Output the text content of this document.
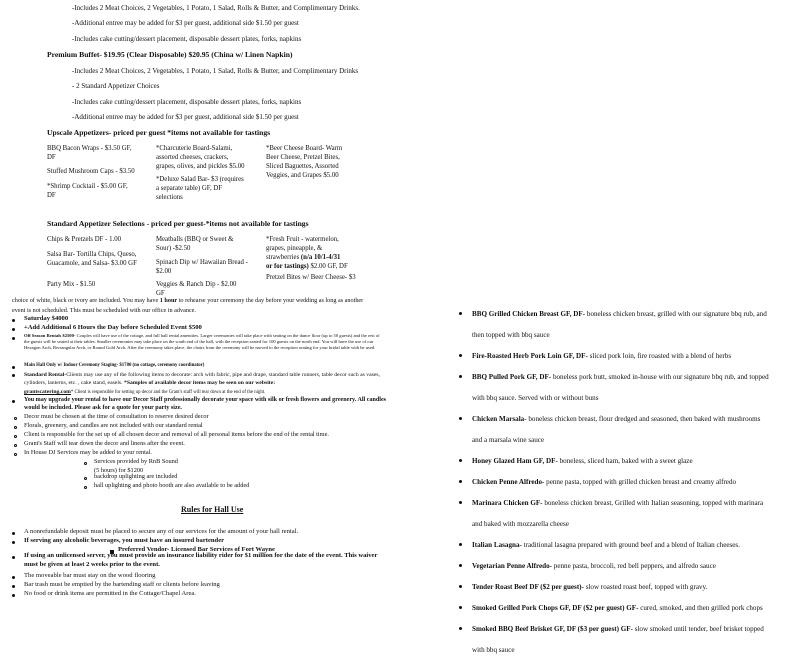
-Includes 2 Meat Choices, 2 Vegetables, 1 Potato, 1 Salad, Rolls & Butter, and Complimentary Drinks.
-Additional entree may be added for $3 per guest, additional side $1.50 per guest
-Includes cake cutting/dessert placement, disposable dessert plates, forks, napkins
Premium Buffet- $19.95 (Clear Disposable) $20.95 (China w/ Linen Napkin)
-Includes 2 Meat Choices, 2 Vegetables, 1 Potato, 1 Salad, Rolls & Butter, and Complimentary Drinks
- 2 Standard Appetizer Choices
-Includes cake cutting/dessert placement, disposable dessert plates, forks, napkins
-Additional entree may be added for $3 per guest, additional side $1.50 per guest
Upscale Appetizers- priced per guest *items not available for tastings
BBQ Bacon Wraps - $3.50 GF, DF
Stuffed Mushroom Caps - $3.50
*Shrimp Cocktail - $5.00 GF, DF
*Charcuterie Board-Salami, assorted cheeses, crackers, grapes, olives, and pickles $5.00
*Deluxe Salad Bar- $3 (requires a separate table) GF, DF selections
*Beer Cheese Board- Warm Beer Cheese, Pretzel Bites, Sliced Baguettes, Assorted Veggies, and Grapes $5.00
Standard Appetizer Selections - priced per guest-*items not available for tastings
Chips & Pretzels DF - 1.00
Salsa Bar- Tortilla Chips, Queso, Guacamole, and Salsa- $3.00 GF
Party Mix - $1.50
Meatballs (BBQ or Sweet & Sour) -$2.50
Spinach Dip w/ Hawaiian Bread - $2.00
Veggies & Ranch Dip - $2.00 GF
*Fresh Fruit - watermelon, grapes, pineapple, & strawberries (n/a 10/1-4/31 or for tastings) $2.00 GF, DF
Pretzel Bites w/ Beer Cheese- $3
choice of white, black or ivory are included. You may have 1 hour to rehearse your ceremony the day before your wedding as long as another
event is not scheduled. This must be scheduled with our office in advance.
Saturday $4000
+Add Additional 6 Hours the Day before Scheduled Event $500
Off Season Rentals $2500- Couples will have use of the cottage, and full hall rental amenities. Larger ceremonies will take place with seating on the dance floor (up to 50 guests) and the rest of the guests will be seated at their tables. Smaller ceremonies may take place on the south end of the hall, with the reception seated for 100 guests on the north end. You will have the use of our Hexagon Arch, Rectangular Arch, or Round Gold Arch. After the ceremony takes place, the chairs from the ceremony will be moved to the reception seating for your bridal table with be used.
Main Hall Only w/ Indoor Ceremony Staging- $1700 (no cottage, ceremony coordinator)
Standard Rental-Clients may use any of the following items to decorate: arch with fabric, pipe and drape, standard table runners, table decor such as vases, cylinders, lanterns, etc. , cake stand, easels. *Samples of available decor items may be seen on our website:
grantscatering.com* Client is responsible for setting up decor and the Grant's staff will tear down at the end of the night.
You may upgrade your rental to have our Decor Staff professionally decorate your space with silk or fresh flowers and greenery. All candles would be included. Please ask for a quote for your party size.
Decor must be chosen at the time of consultation to reserve desired decor
Florals, greenery, and candles are not included with our standard rental
Client is responsible for the set up of all chosen decor and removal of all personal items before the end of the rental time.
Grant's Staff will tear down the decor and linens after the event.
In House DJ Services may be added to your rental.
Services provided by RnB Sound
(5 hours) for $1200
backdrop uplighting are included
hall uplighting and photo booth are also available to be added
Rules for Hall Use
A nonrefundable deposit must be placed to secure any of our services for the amount of your hall rental.
If serving any alcoholic beverages, you must have an insured bartender
Preferred Vendor- Licensed Bar Services of Fort Wayne
If using an unlicensed server, you must provide an insurance liability rider for $1 million for the date of the event. This waiver must be given at least 2 weeks prior to the event.
The moveable bar must stay on the wood flooring
Bar trash must be emptied by the bartending staff or clients before leaving
No food or drink items are permitted in the Cottage/Chapel Area.
BBQ Grilled Chicken Breast GF, DF- boneless chicken breast, grilled with our signature bbq rub, and then topped with bbq sauce
Fire-Roasted Herb Pork Loin GF, DF- sliced pork loin, fire roasted with a blend of herbs
BBQ Pulled Pork GF, DF- boneless pork butt, smoked in-house with our signature bbq rub, and topped with bbq sauce. Served with or without buns
Chicken Marsala- boneless chicken breast, flour dredged and seasoned, then baked with mushrooms and a marsala wine sauce
Honey Glazed Ham GF, DF- boneless, sliced ham, baked with a sweet glaze
Chicken Penne Alfredo- penne pasta, topped with grilled chicken breast and creamy alfredo
Marinara Chicken GF- boneless chicken breast, Grilled with Italian seasoning, topped with marinara and baked with mozzarella cheese
Italian Lasagna- traditional lasagna prepared with ground beef and a blend of Italian cheeses.
Vegetarian Penne Alfredo- penne pasta, broccoli, red bell peppers, and alfredo sauce
Tender Roast Beef DF ($2 per guest)- slow roasted roast beef, topped with gravy.
Smoked Grilled Pork Chops GF, DF ($2 per guest) GF- cured, smoked, and then grilled pork chops
Smoked BBQ Beef Brisket GF, DF ($3 per guest) GF- slow smoked until tender, beef brisket topped with bbq sauce
